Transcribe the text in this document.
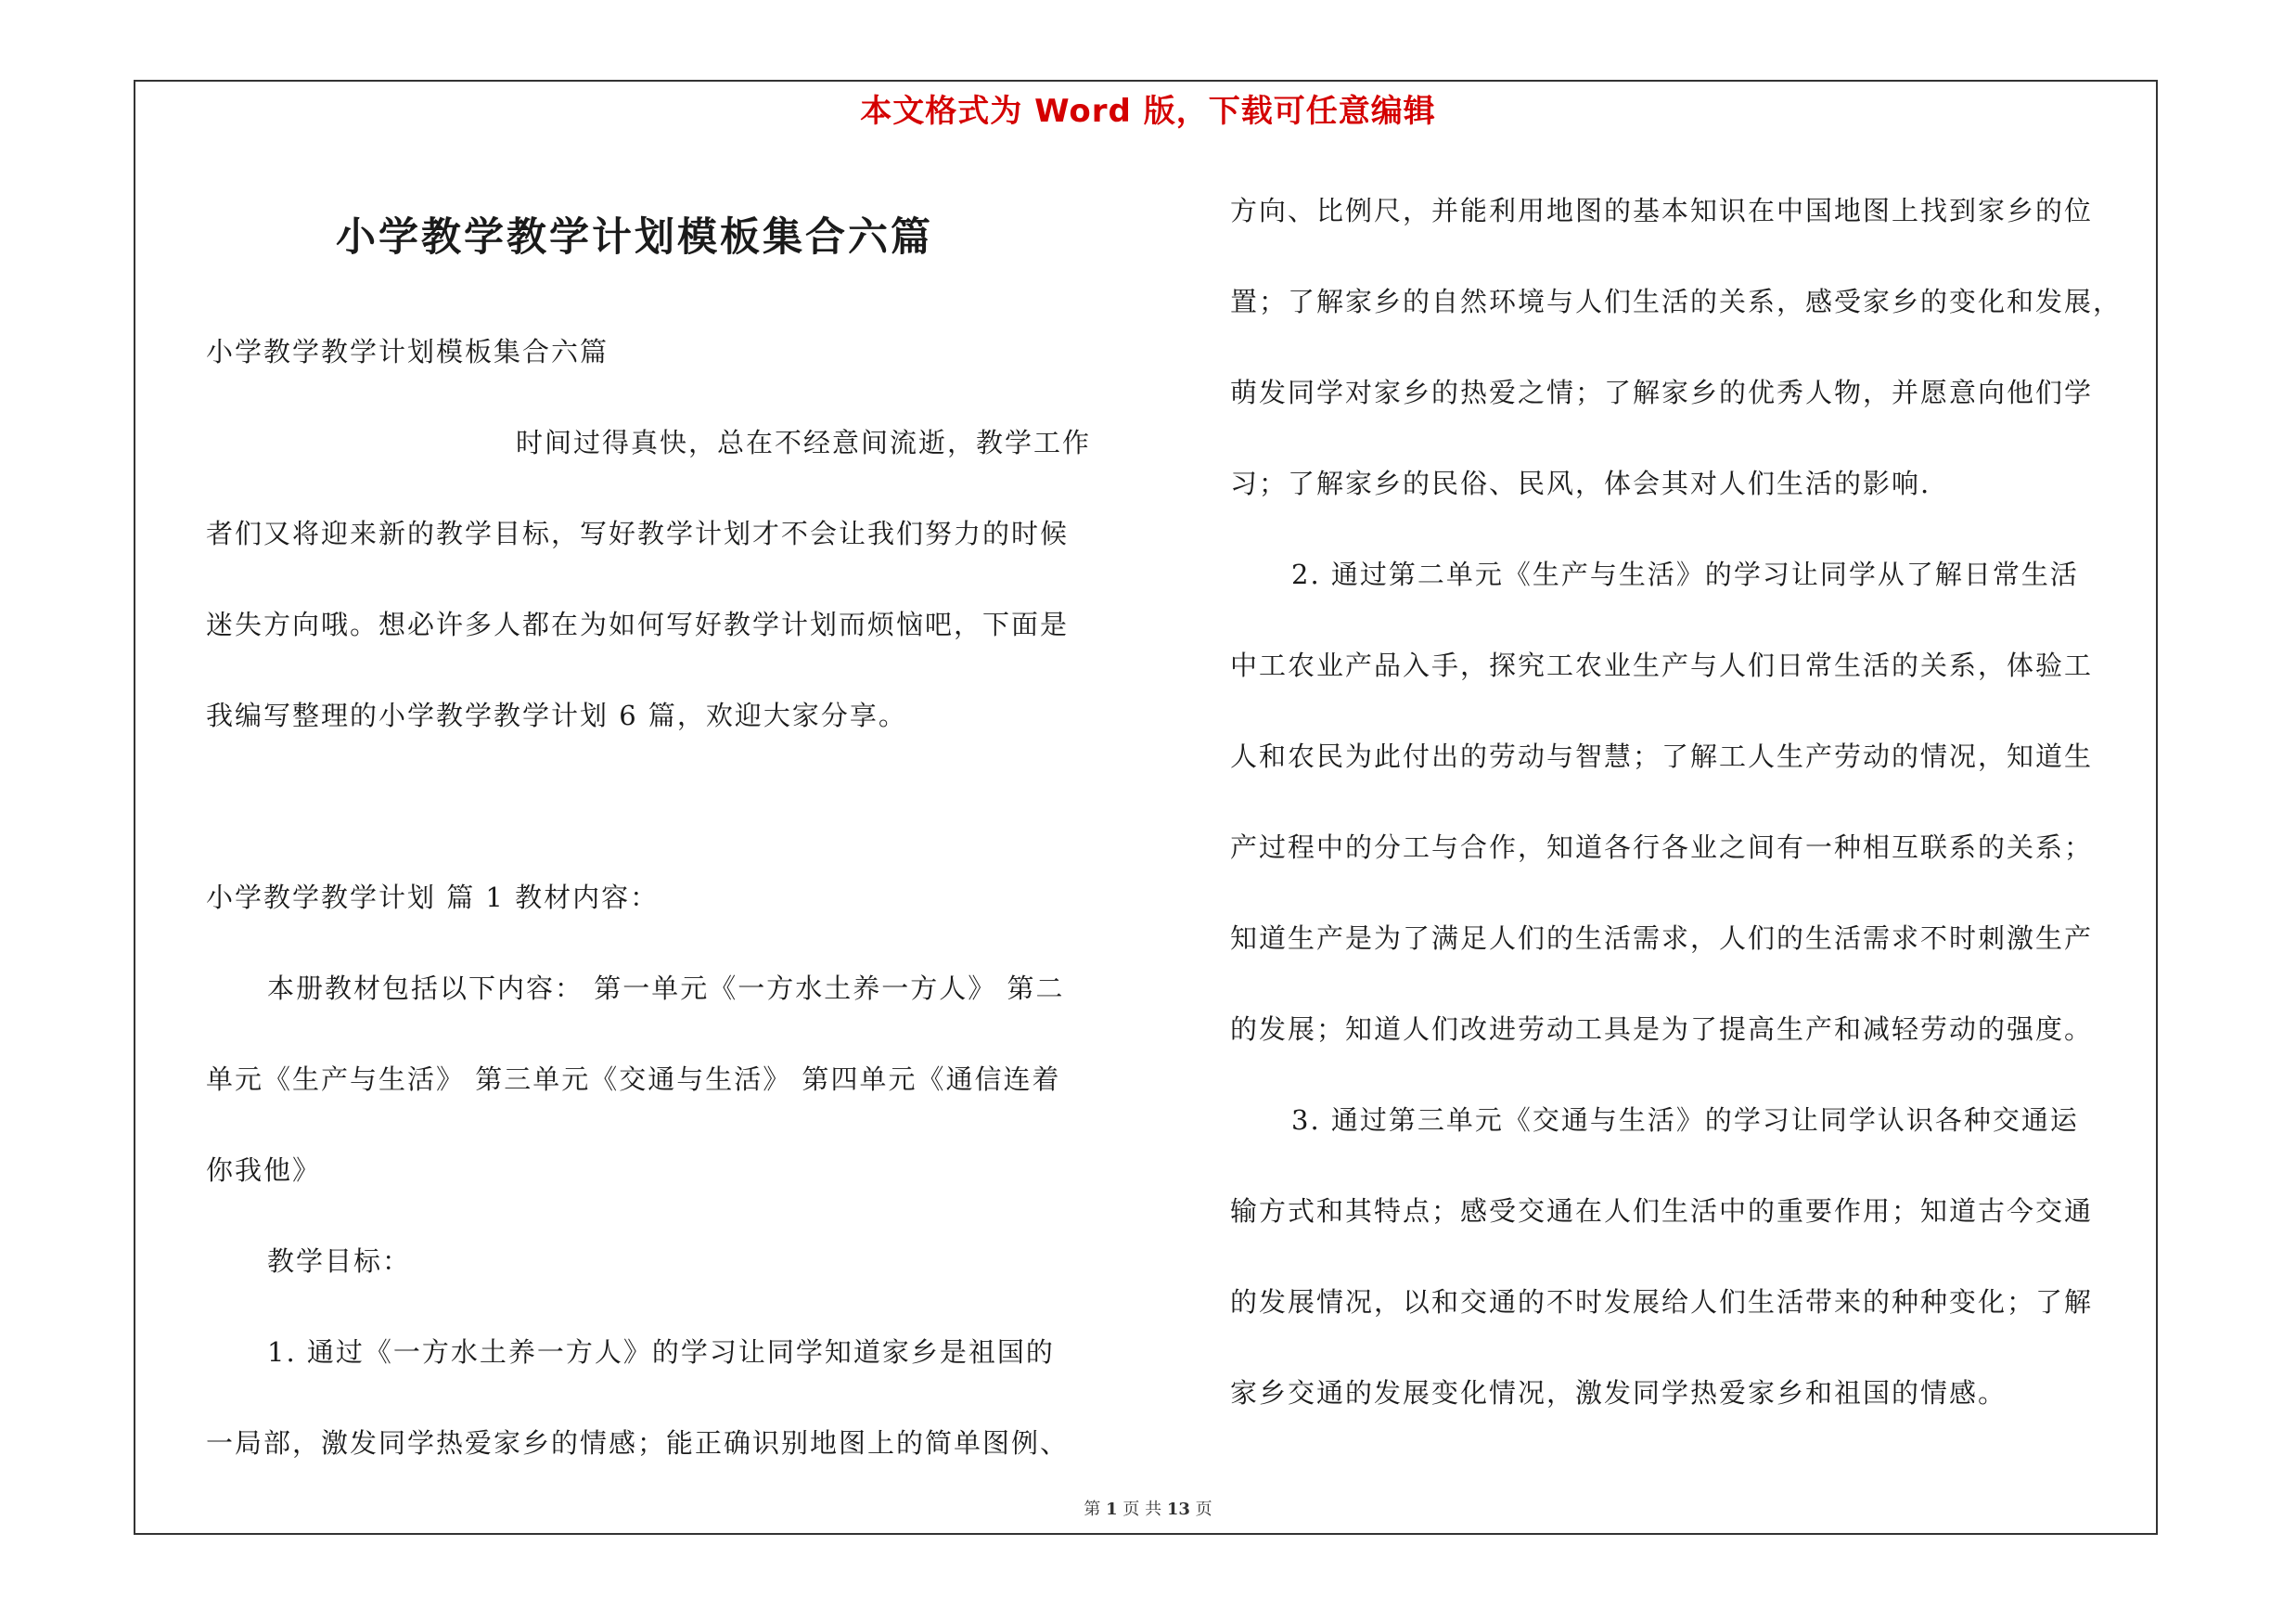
本文格式为 Word 版，下载可任意编辑
小学教学教学计划模板集合六篇
小学教学教学计划模板集合六篇
时间过得真快，总在不经意间流逝，教学工作
者们又将迎来新的教学目标，写好教学计划才不会让我们努力的时候
迷失方向哦。想必许多人都在为如何写好教学计划而烦恼吧，下面是
我编写整理的小学教学教学计划 6 篇，欢迎大家分享。
小学教学教学计划 篇 1 教材内容：
本册教材包括以下内容： 第一单元《一方水土养一方人》 第二
单元《生产与生活》 第三单元《交通与生活》 第四单元《通信连着
你我他》
教学目标：
1. 通过《一方水土养一方人》的学习让同学知道家乡是祖国的
一局部，激发同学热爱家乡的情感；能正确识别地图上的简单图例、
方向、比例尺，并能利用地图的基本知识在中国地图上找到家乡的位
置；了解家乡的自然环境与人们生活的关系，感受家乡的变化和发展，
萌发同学对家乡的热爱之情；了解家乡的优秀人物，并愿意向他们学
习；了解家乡的民俗、民风，体会其对人们生活的影响.
2. 通过第二单元《生产与生活》的学习让同学从了解日常生活
中工农业产品入手，探究工农业生产与人们日常生活的关系，体验工
人和农民为此付出的劳动与智慧；了解工人生产劳动的情况，知道生
产过程中的分工与合作，知道各行各业之间有一种相互联系的关系；
知道生产是为了满足人们的生活需求，人们的生活需求不时刺激生产
的发展；知道人们改进劳动工具是为了提高生产和减轻劳动的强度。
3. 通过第三单元《交通与生活》的学习让同学认识各种交通运
输方式和其特点；感受交通在人们生活中的重要作用；知道古今交通
的发展情况，以和交通的不时发展给人们生活带来的种种变化；了解
家乡交通的发展变化情况，激发同学热爱家乡和祖国的情感。
第 1 页 共 13 页
